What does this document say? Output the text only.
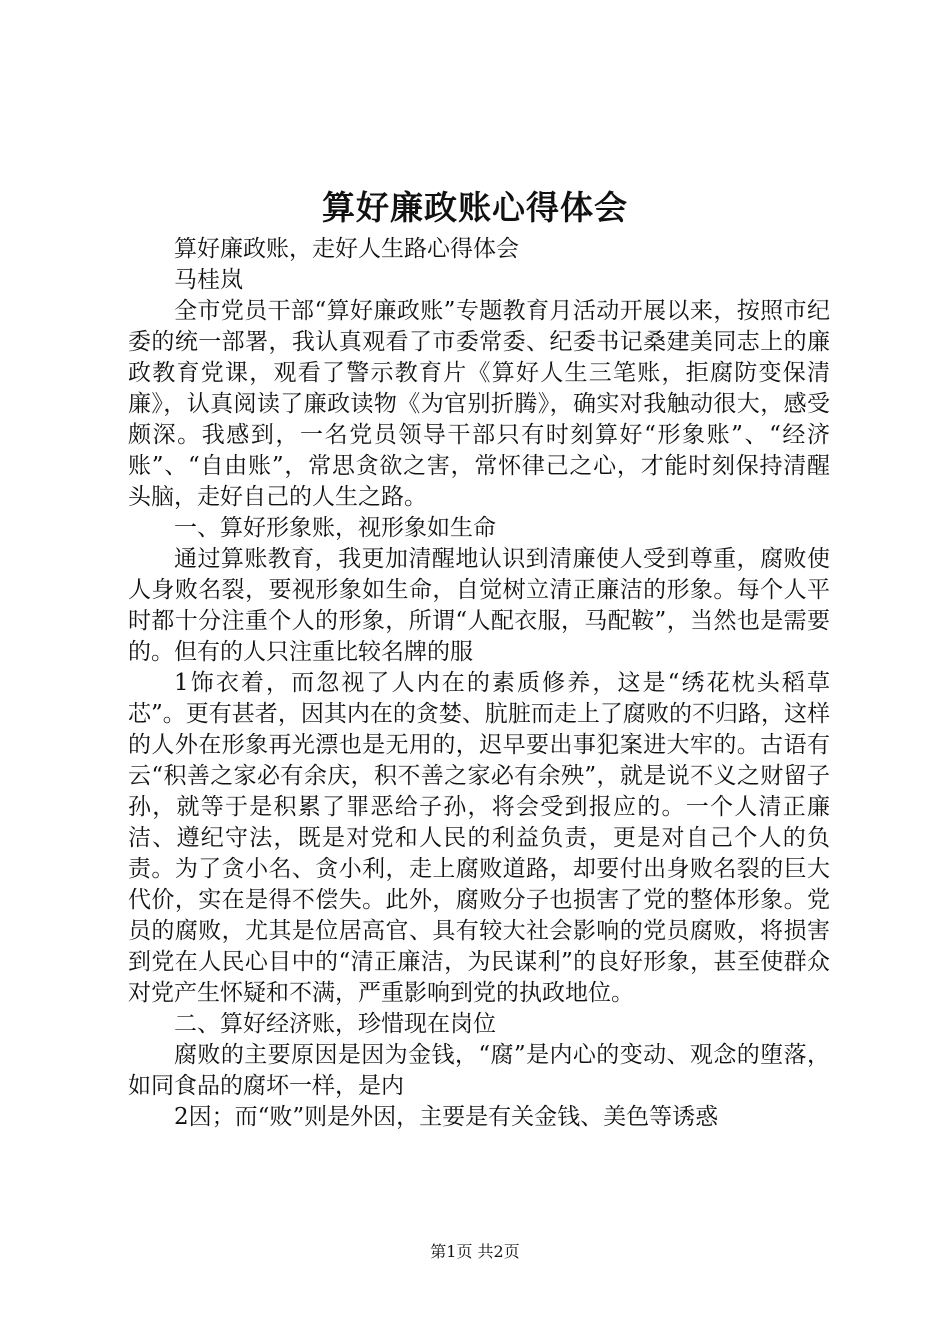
算好廉政账心得体会

算好廉政账，走好人生路心得体会

马桂岚

全市党员干部“算好廉政账”专题教育月活动开展以来，按照市纪委的统一部署，我认真观看了市委常委、纪委书记桑建美同志上的廉政教育党课，观看了警示教育片《算好人生三笔账，拒腐防变保清廉》，认真阅读了廉政读物《为官别折腾》，确实对我触动很大，感受颇深。我感到，一名党员领导干部只有时刻算好“形象账”、“经济账”、“自由账”，常思贪欲之害，常怀律己之心，才能时刻保持清醒头脑，走好自己的人生之路。

一、算好形象账，视形象如生命

通过算账教育，我更加清醒地认识到清廉使人受到尊重，腐败使人身败名裂，要视形象如生命，自觉树立清正廉洁的形象。每个人平时都十分注重个人的形象，所谓“人配衣服，马配鞍”，当然也是需要的。但有的人只注重比较名牌的服

1饰衣着，而忽视了人内在的素质修养，这是“绣花枕头稻草芯”。更有甚者，因其内在的贪婪、肮脏而走上了腐败的不归路，这样的人外在形象再光漂也是无用的，迟早要出事犯案进大牢的。古语有云“积善之家必有余庆，积不善之家必有余殃”，就是说不义之财留子孙，就等于是积累了罪恶给子孙，将会受到报应的。一个人清正廉洁、遵纪守法，既是对党和人民的利益负责，更是对自己个人的负责。为了贪小名、贪小利，走上腐败道路，却要付出身败名裂的巨大代价，实在是得不偿失。此外，腐败分子也损害了党的整体形象。党员的腐败，尤其是位居高官、具有较大社会影响的党员腐败，将损害到党在人民心目中的“清正廉洁，为民谋利”的良好形象，甚至使群众对党产生怀疑和不满，严重影响到党的执政地位。

二、算好经济账，珍惜现在岗位

腐败的主要原因是因为金钱，“腐”是内心的变动、观念的堕落，如同食品的腐坏一样，是内

2因；而“败”则是外因，主要是有关金钱、美色等诱惑

第1页 共2页
